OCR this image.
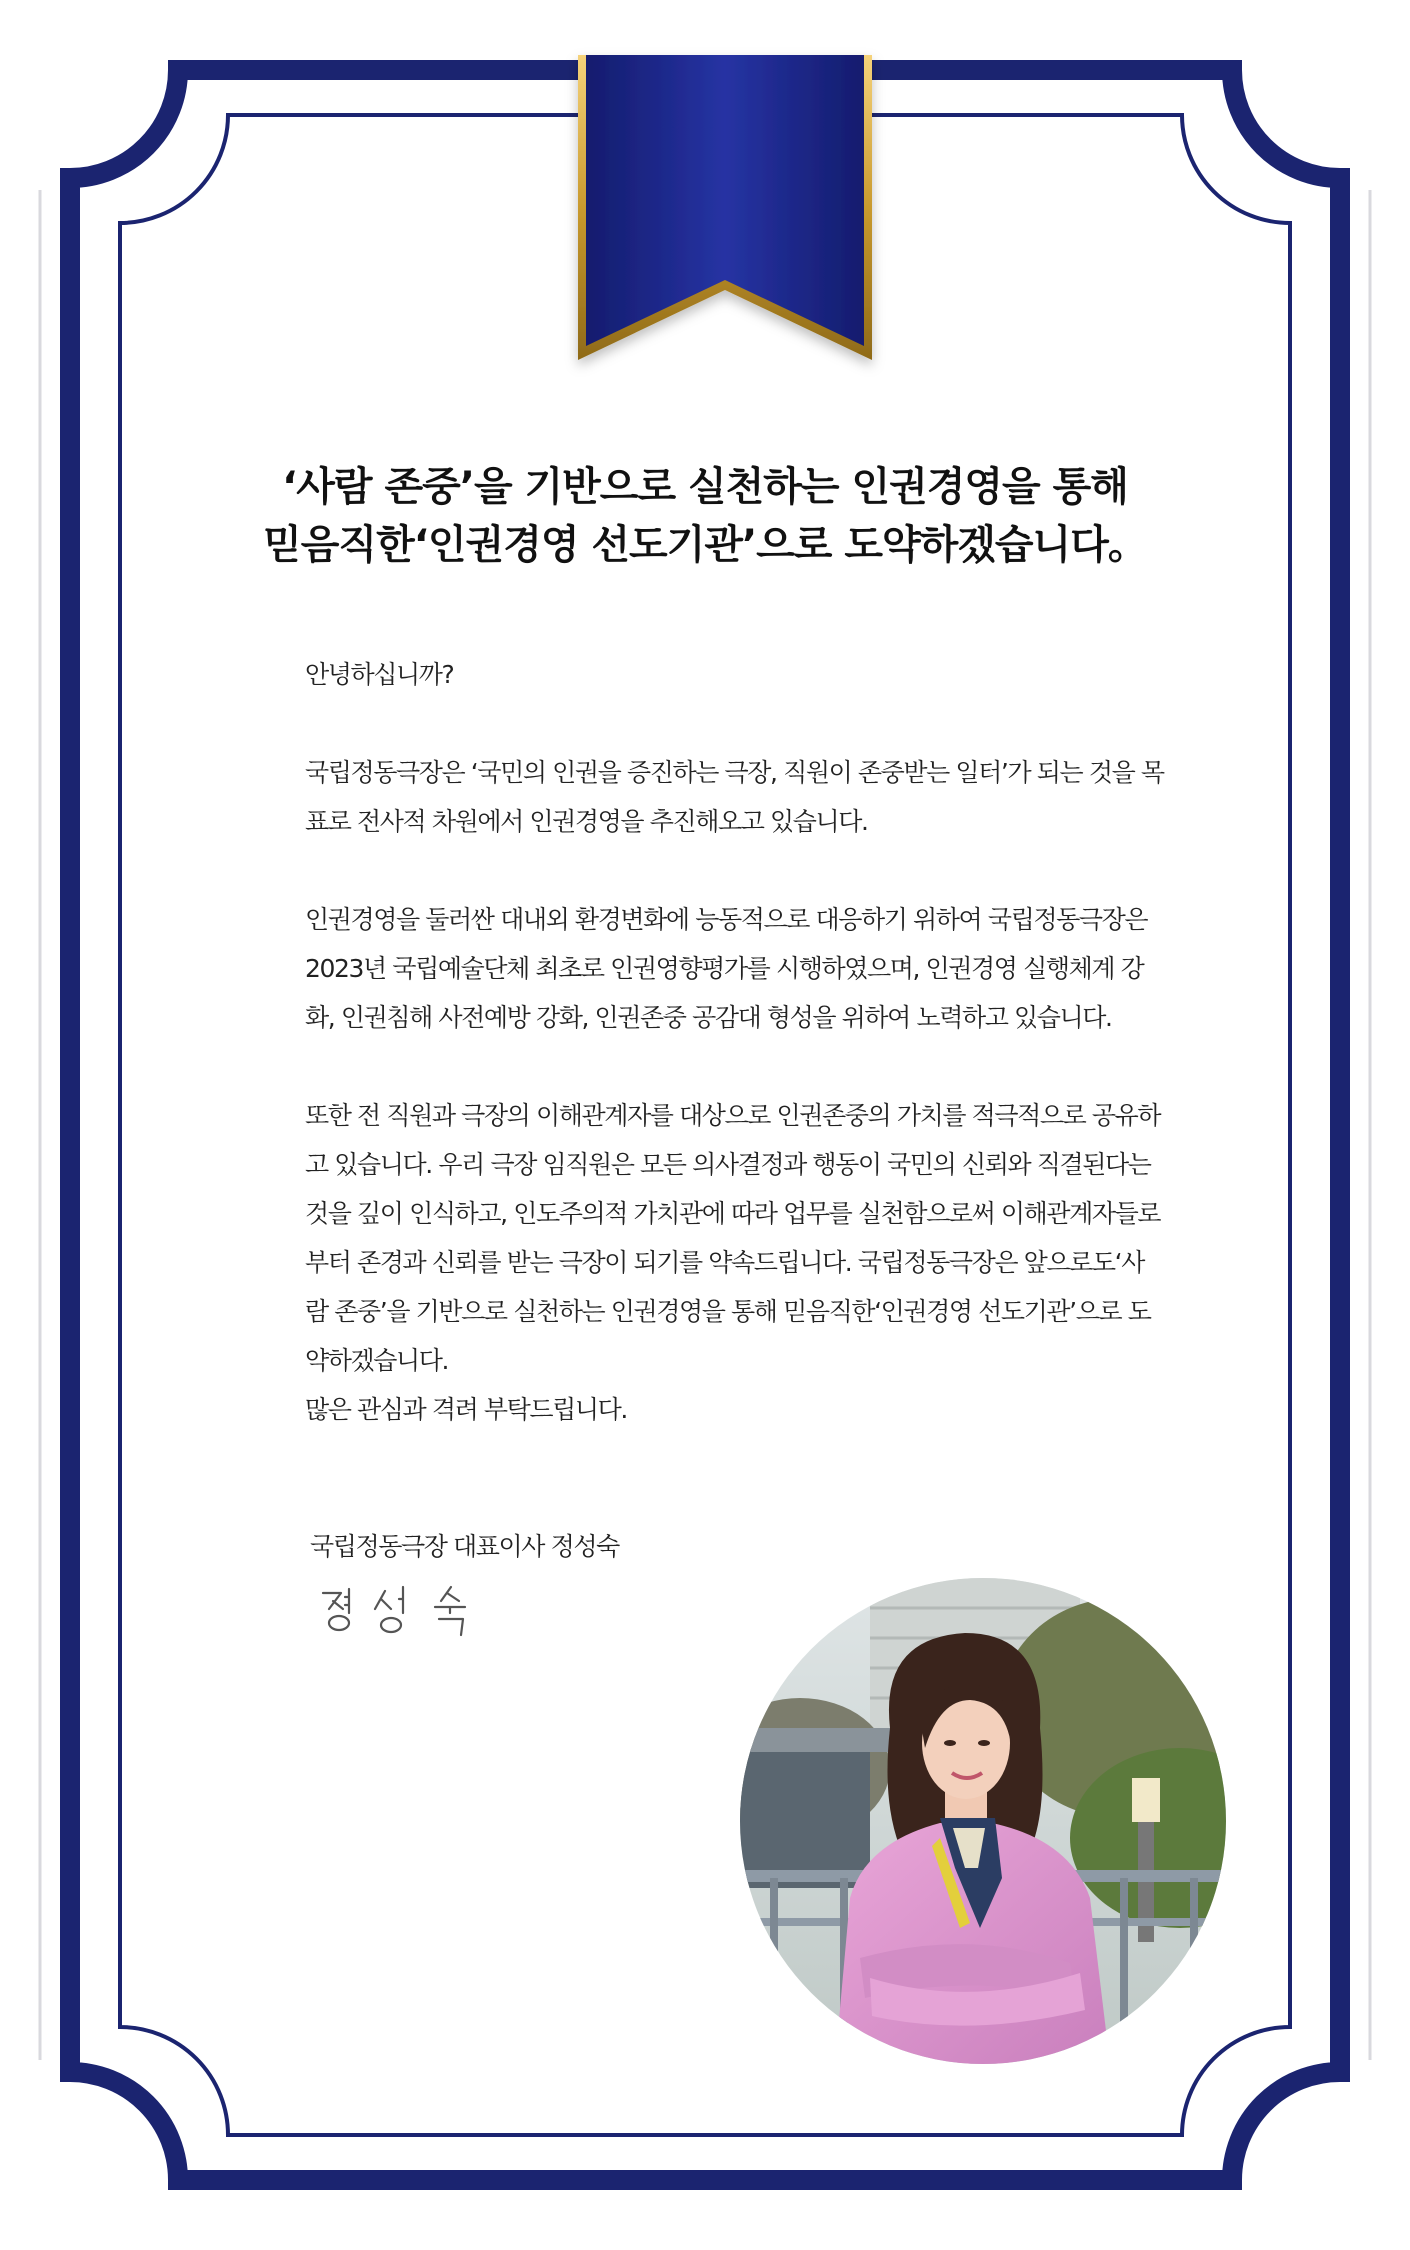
‘사람 존중’을 기반으로 실천하는 인권경영을 통해
믿음직한‘인권경영 선도기관’으로 도약하겠습니다。

안녕하십니까?

국립정동극장은 ‘국민의 인권을 증진하는 극장, 직원이 존중받는 일터’가 되는 것을 목표로 전사적 차원에서 인권경영을 추진해오고 있습니다.

인권경영을 둘러싼 대내외 환경변화에 능동적으로 대응하기 위하여 국립정동극장은 2023년 국립예술단체 최초로 인권영향평가를 시행하였으며, 인권경영 실행체계 강화, 인권침해 사전예방 강화, 인권존중 공감대 형성을 위하여 노력하고 있습니다.

또한 전 직원과 극장의 이해관계자를 대상으로 인권존중의 가치를 적극적으로 공유하고 있습니다. 우리 극장 임직원은 모든 의사결정과 행동이 국민의 신뢰와 직결된다는 것을 깊이 인식하고, 인도주의적 가치관에 따라 업무를 실천함으로써 이해관계자들로부터 존경과 신뢰를 받는 극장이 되기를 약속드립니다. 국립정동극장은 앞으로도‘사람 존중’을 기반으로 실천하는 인권경영을 통해 믿음직한‘인권경영 선도기관’으로 도약하겠습니다.

많은 관심과 격려 부탁드립니다.

국립정동극장 대표이사 정성숙
